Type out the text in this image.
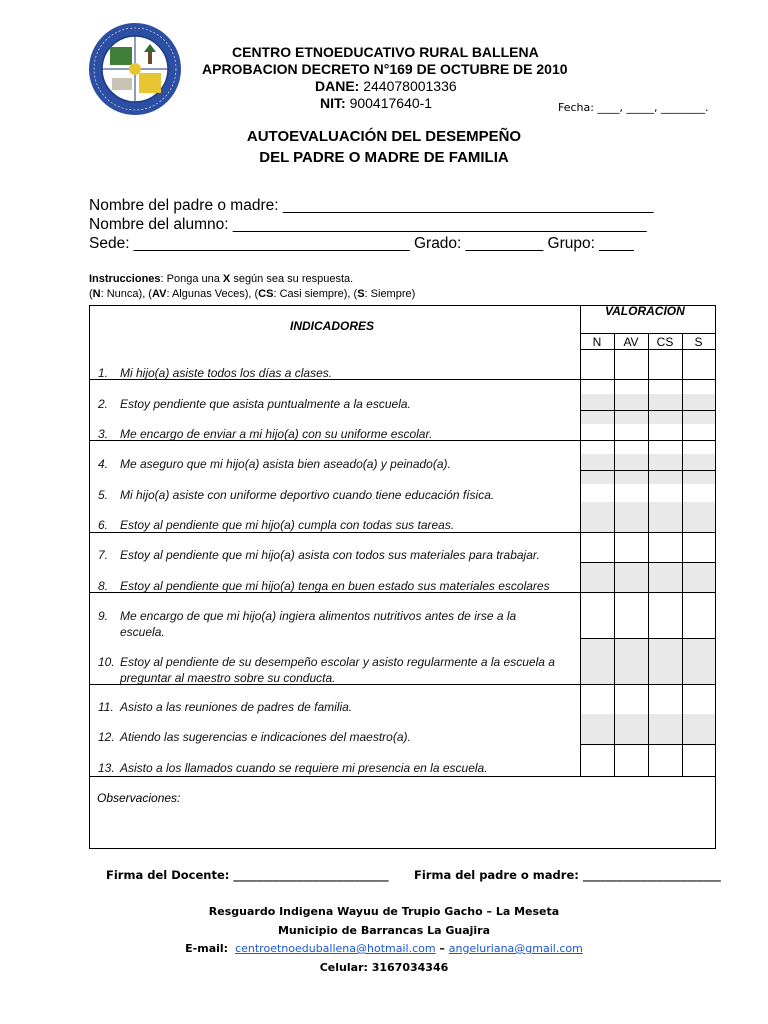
CENTRO ETNOEDUCATIVO RURAL BALLENA
APROBACION DECRETO N°169 DE OCTUBRE DE 2010
DANE: 244078001336
NIT: 900417640-1	Fecha: ____, _____, ________.
AUTOEVALUACIÓN DEL DESEMPEÑO
DEL PADRE O MADRE DE FAMILIA
Nombre del padre o madre: ___________________________________________
Nombre del alumno: ________________________________________________
Sede: ________________________________ Grado: _________ Grupo: ____
Instrucciones: Ponga una X según sea su respuesta.
(N: Nunca), (AV: Algunas Veces), (CS: Casi siempre), (S: Siempre)
INDICADORES
VALORACION
N	AV	CS	S
1. Mi hijo(a) asiste todos los días a clases.
2. Estoy pendiente que asista puntualmente a la escuela.
3. Me encargo de enviar a mi hijo(a) con su uniforme escolar.
4. Me aseguro que mi hijo(a) asista bien aseado(a) y peinado(a).
5. Mi hijo(a) asiste con uniforme deportivo cuando tiene educación física.
6. Estoy al pendiente que mi hijo(a) cumpla con todas sus tareas.
7. Estoy al pendiente que mi hijo(a) asista con todos sus materiales para trabajar.
8. Estoy al pendiente que mi hijo(a) tenga en buen estado sus materiales escolares
9. Me encargo de que mi hijo(a) ingiera alimentos nutritivos antes de irse a la escuela.
10. Estoy al pendiente de su desempeño escolar y asisto regularmente a la escuela a preguntar al maestro sobre su conducta.
11. Asisto a las reuniones de padres de familia.
12. Atiendo las sugerencias e indicaciones del maestro(a).
13. Asisto a los llamados cuando se requiere mi presencia en la escuela.
Observaciones:
Firma del Docente: ___________________________ Firma del padre o madre: ________________________
Resguardo Indigena Wayuu de Trupio Gacho – La Meseta
Municipio de Barrancas La Guajira
E-mail: centroetnoeduballena@hotmail.com – angeluriana@gmail.com
Celular: 3167034346
